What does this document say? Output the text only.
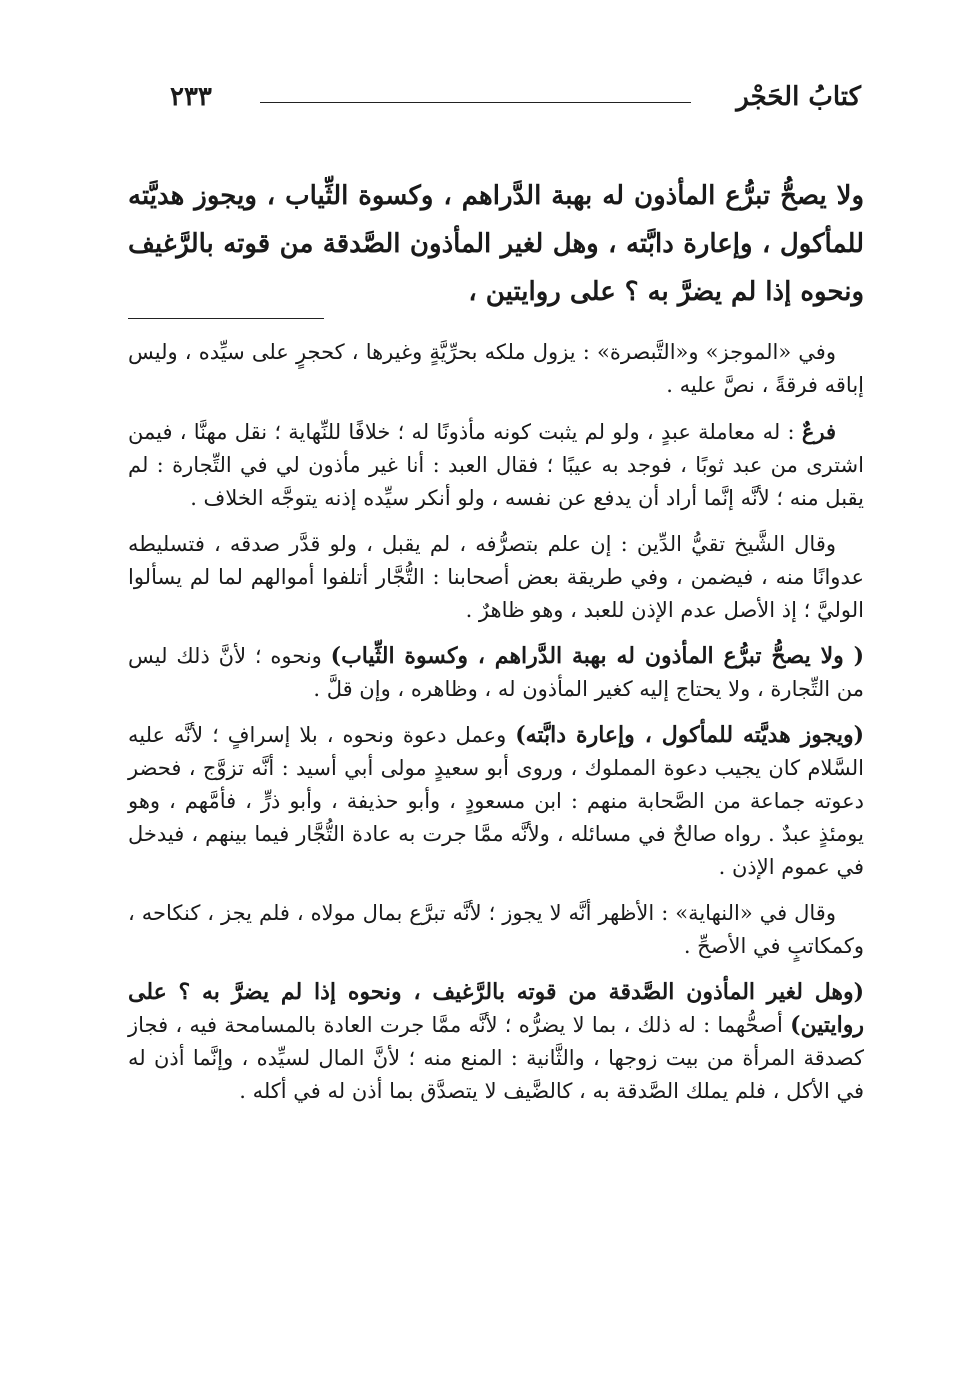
كتابُ الحَجْر
٢٣٣
ولا يصحُّ تبرُّع المأذون له بهبة الدَّراهم ، وكسوة الثِّياب ، ويجوز هديَّته للمأكول ، وإعارة دابَّته ، وهل لغير المأذون الصَّدقة من قوته بالرَّغيف ونحوه إذا لم يضرَّ به ؟ على روايتين ،

وفي «الموجز» و«التَّبصرة» : يزول ملكه بحرِّيَّةٍ وغيرها ، كحجرٍ على سيِّده ، وليس إباقه فرقةً ، نصَّ عليه .

فرعٌ : له معاملة عبدٍ ، ولو لم يثبت كونه مأذونًا له ؛ خلافًا للنِّهاية ؛ نقل مهنَّا ، فيمن اشترى من عبد ثوبًا ، فوجد به عيبًا ؛ فقال العبد : أنا غير مأذون لي في التِّجارة : لم يقبل منه ؛ لأنَّه إنَّما أراد أن يدفع عن نفسه ، ولو أنكر سيِّده إذنه يتوجَّه الخلاف .

وقال الشَّيخ تقيُّ الدِّين : إن علم بتصرُّفه ، لم يقبل ، ولو قدَّر صدقه ، فتسليطه عدوانًا منه ، فيضمن ، وفي طريقة بعض أصحابنا : التُّجَّار أتلفوا أموالهم لما لم يسألوا الوليَّ ؛ إذ الأصل عدم الإذن للعبد ، وهو ظاهرٌ .

( ولا يصحُّ تبرُّع المأذون له بهبة الدَّراهم ، وكسوة الثِّياب) ونحوه ؛ لأنَّ ذلك ليس من التِّجارة ، ولا يحتاج إليه كغير المأذون له ، وظاهره ، وإن قلَّ .

(ويجوز هديَّته للمأكول ، وإعارة دابَّته) وعمل دعوة ونحوه ، بلا إسرافٍ ؛ لأنَّه عليه السَّلام كان يجيب دعوة المملوك ، وروى أبو سعيدٍ مولى أبي أسيد : أنَّه تزوَّج ، فحضر دعوته جماعة من الصَّحابة منهم : ابن مسعودٍ ، وأبو حذيفة ، وأبو ذرٍّ ، فأمَّهم ، وهو يومئذٍ عبدٌ . رواه صالحٌ في مسائله ، ولأنَّه ممَّا جرت به عادة التُّجَّار فيما بينهم ، فيدخل في عموم الإذن .

وقال في «النهاية» : الأظهر أنَّه لا يجوز ؛ لأنَّه تبرَّع بمال مولاه ، فلم يجز ، كنكاحه ، وكمكاتبٍ في الأصحِّ .

(وهل لغير المأذون الصَّدقة من قوته بالرَّغيف ، ونحوه إذا لم يضرَّ به ؟ على روايتين) أصحُّهما : له ذلك ، بما لا يضرُّه ؛ لأنَّه ممَّا جرت العادة بالمسامحة فيه ، فجاز كصدقة المرأة من بيت زوجها ، والثَّانية : المنع منه ؛ لأنَّ المال لسيِّده ، وإنَّما أذن له في الأكل ، فلم يملك الصَّدقة به ، كالضَّيف لا يتصدَّق بما أذن له في أكله .
